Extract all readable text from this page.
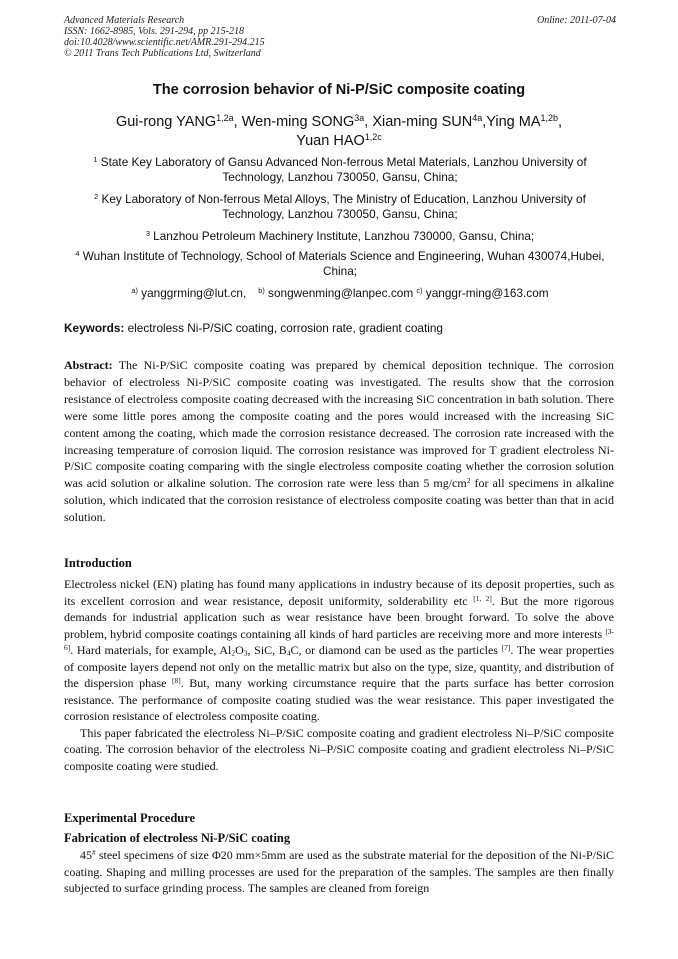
Advanced Materials Research
ISSN: 1662-8985, Vols. 291-294, pp 215-218
doi:10.4028/www.scientific.net/AMR.291-294.215
© 2011 Trans Tech Publications Ltd, Switzerland
Online: 2011-07-04
The corrosion behavior of Ni-P/SiC composite coating
Gui-rong $YANG^{1,2a}$, Wen-ming $SONG^{3a}$, Xian-ming $SUN^{4a},Ying$ $MA^{1,2b}$,
Yuan $HAO^{1,2c}$
$^1$ State Key Laboratory of Gansu Advanced Non-ferrous Metal Materials, Lanzhou University of Technology, Lanzhou 730050, Gansu, China;
$^2$ Key Laboratory of Non-ferrous Metal Alloys, The Ministry of Education, Lanzhou University of Technology, Lanzhou 730050, Gansu, China;
$^3$ Lanzhou Petroleum Machinery Institute, Lanzhou 730000, Gansu, China;
$^4$ Wuhan Institute of Technology, School of Materials Science and Engineering, Wuhan 430074,Hubei, China;
$^{a)}$ yanggrming@lut.cn, $^{b)}$ songwenming@lanpec.com $^{c)}$ yanggr-ming@163.com
Keywords: electroless Ni-P/SiC coating, corrosion rate, gradient coating
Abstract: The Ni-P/SiC composite coating was prepared by chemical deposition technique. The corrosion behavior of electroless Ni-P/SiC composite coating was investigated. The results show that the corrosion resistance of electroless composite coating decreased with the increasing SiC concentration in bath solution. There were some little pores among the composite coating and the pores would increased with the increasing SiC content among the coating, which made the corrosion resistance decreased. The corrosion rate increased with the increasing temperature of corrosion liquid. The corrosion resistance was improved for T gradient electroless Ni-P/SiC composite coating comparing with the single electroless composite coating whether the corrosion solution was acid solution or alkaline solution. The corrosion rate were less than 5 $mg/cm^2$ for all specimens in alkaline solution, which indicated that the corrosion resistance of electroless composite coating was better than that in acid solution.
Introduction

Electroless nickel (EN) plating has found many applications in industry because of its deposit properties, such as its excellent corrosion and wear resistance, deposit uniformity, solderability etc [1, 2]. But the more rigorous demands for industrial application such as wear resistance have been brought forward. To solve the above problem, hybrid composite coatings containing all kinds of hard particles are receiving more and more interests [3-6]. Hard materials, for example, $Al_2O_3$, SiC, $B_4C$, or diamond can be used as the particles [7]. The wear properties of composite layers depend not only on the metallic matrix but also on the type, size, quantity, and distribution of the dispersion phase [8]. But, many working circumstance require that the parts surface has better corrosion resistance. The performance of composite coating studied was the wear resistance. This paper investigated the corrosion resistance of electroless composite coating.

This paper fabricated the electroless Ni–P/SiC composite coating and gradient electroless Ni–P/SiC composite coating. The corrosion behavior of the electroless Ni–P/SiC composite coating and gradient electroless Ni–P/SiC composite coating were studied.

Experimental Procedure
Fabrication of electroless Ni-P/SiC coating

45# steel specimens of size Φ20 mm×5mm are used as the substrate material for the deposition of the Ni-P/SiC coating. Shaping and milling processes are used for the preparation of the samples. The samples are then finally subjected to surface grinding process. The samples are cleaned from foreign
